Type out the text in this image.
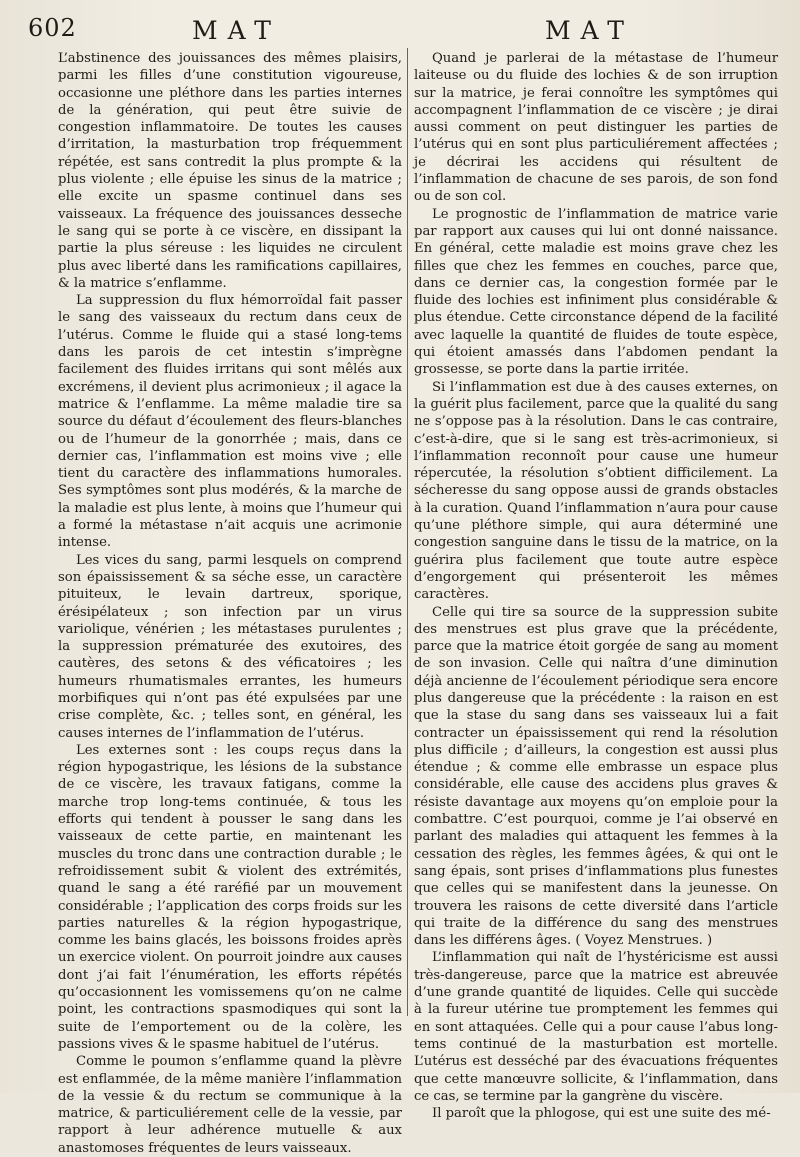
602	MAT	MAT

L’abstinence des jouissances des mêmes plaisirs, parmi les filles d’une constitution vigoureuse, occasionne une pléthore dans les parties internes de la génération, qui peut être suivie de congestion inflammatoire. De toutes les causes d’irritation, la masturbation trop fréquemment répétée, est sans contredit la plus prompte & la plus violente ; elle épuise les sinus de la matrice ; elle excite un spasme continuel dans ses vaisseaux. La fréquence des jouissances desseche le sang qui se porte à ce viscère, en dissipant la partie la plus séreuse : les liquides ne circulent plus avec liberté dans les ramifications capillaires, & la matrice s’enflamme.

La suppression du flux hémorroïdal fait passer le sang des vaisseaux du rectum dans ceux de l’utérus. Comme le fluide qui a stasé long-tems dans les parois de cet intestin s’imprègne facilement des fluides irritans qui sont mêlés aux excrémens, il devient plus acrimonieux ; il agace la matrice & l’enflamme. La même maladie tire sa source du défaut d’écoulement des fleurs-blanches ou de l’humeur de la gonorrhée ; mais, dans ce dernier cas, l’inflammation est moins vive ; elle tient du caractère des inflammations humorales. Ses symptômes sont plus modérés, & la marche de la maladie est plus lente, à moins que l’humeur qui a formé la métastase n’ait acquis une acrimonie intense.

Les vices du sang, parmi lesquels on comprend son épaississement & sa séche esse, un caractère pituiteux, le levain dartreux, sporique, érésipélateux ; son infection par un virus variolique, vénérien ; les métastases purulentes ; la suppression prématurée des exutoires, des cautères, des setons & des véficatoires ; les humeurs rhumatismales errantes, les humeurs morbifiques qui n’ont pas été expulsées par une crise complète, &c. ; telles sont, en général, les causes internes de l’inflammation de l’utérus.

Les externes sont : les coups reçus dans la région hypogastrique, les lésions de la substance de ce viscère, les travaux fatigans, comme la marche trop long-tems continuée, & tous les efforts qui tendent à pousser le sang dans les vaisseaux de cette partie, en maintenant les muscles du tronc dans une contraction durable ; le refroidissement subit & violent des extrémités, quand le sang a été raréfié par un mouvement considérable ; l’application des corps froids sur les parties naturelles & la région hypogastrique, comme les bains glacés, les boissons froides après un exercice violent. On pourroit joindre aux causes dont j’ai fait l’énumération, les efforts répétés qu’occasionnent les vomissemens qu’on ne calme point, les contractions spasmodiques qui sont la suite de l’emportement ou de la colère, les passions vives & le spasme habituel de l’utérus.

Comme le poumon s’enflamme quand la plèvre est enflammée, de la même manière l’inflammation de la vessie & du rectum se communique à la matrice, & particuliérement celle de la vessie, par rapport à leur adhérence mutuelle & aux anastomoses fréquentes de leurs vaisseaux.

Quand je parlerai de la métastase de l’humeur laiteuse ou du fluide des lochies & de son irruption sur la matrice, je ferai connoître les symptômes qui accompagnent l’inflammation de ce viscère ; je dirai aussi comment on peut distinguer les parties de l’utérus qui en sont plus particuliérement affectées ; je décrirai les accidens qui résultent de l’inflammation de chacune de ses parois, de son fond ou de son col.

Le prognostic de l’inflammation de matrice varie par rapport aux causes qui lui ont donné naissance. En général, cette maladie est moins grave chez les filles que chez les femmes en couches, parce que, dans ce dernier cas, la congestion formée par le fluide des lochies est infiniment plus considérable & plus étendue. Cette circonstance dépend de la facilité avec laquelle la quantité de fluides de toute espèce, qui étoient amassés dans l’abdomen pendant la grossesse, se porte dans la partie irritée.

Si l’inflammation est due à des causes externes, on la guérit plus facilement, parce que la qualité du sang ne s’oppose pas à la résolution. Dans le cas contraire, c’est-à-dire, que si le sang est très-acrimonieux, si l’inflammation reconnoît pour cause une humeur répercutée, la résolution s’obtient difficilement. La sécheresse du sang oppose aussi de grands obstacles à la curation. Quand l’inflammation n’aura pour cause qu’une pléthore simple, qui aura déterminé une congestion sanguine dans le tissu de la matrice, on la guérira plus facilement que toute autre espèce d’engorgement qui présenteroit les mêmes caractères.

Celle qui tire sa source de la suppression subite des menstrues est plus grave que la précédente, parce que la matrice étoit gorgée de sang au moment de son invasion. Celle qui naîtra d’une diminution déjà ancienne de l’écoulement périodique sera encore plus dangereuse que la précédente : la raison en est que la stase du sang dans ses vaisseaux lui a fait contracter un épaississement qui rend la résolution plus difficile ; d’ailleurs, la congestion est aussi plus étendue ; & comme elle embrasse un espace plus considérable, elle cause des accidens plus graves & résiste davantage aux moyens qu’on emploie pour la combattre. C’est pourquoi, comme je l’ai observé en parlant des maladies qui attaquent les femmes à la cessation des règles, les femmes âgées, & qui ont le sang épais, sont prises d’inflammations plus funestes que celles qui se manifestent dans la jeunesse. On trouvera les raisons de cette diversité dans l’article qui traite de la différence du sang des menstrues dans les différens âges. ( Voyez Menstrues. )

L’inflammation qui naît de l’hystéricisme est aussi très-dangereuse, parce que la matrice est abreuvée d’une grande quantité de liquides. Celle qui succède à la fureur utérine tue promptement les femmes qui en sont attaquées. Celle qui a pour cause l’abus long-tems continué de la masturbation est mortelle. L’utérus est desséché par des évacuations fréquentes que cette manœuvre sollicite, & l’inflammation, dans ce cas, se termine par la gangrène du viscère.

Il paroît que la phlogose, qui est une suite des mé-
